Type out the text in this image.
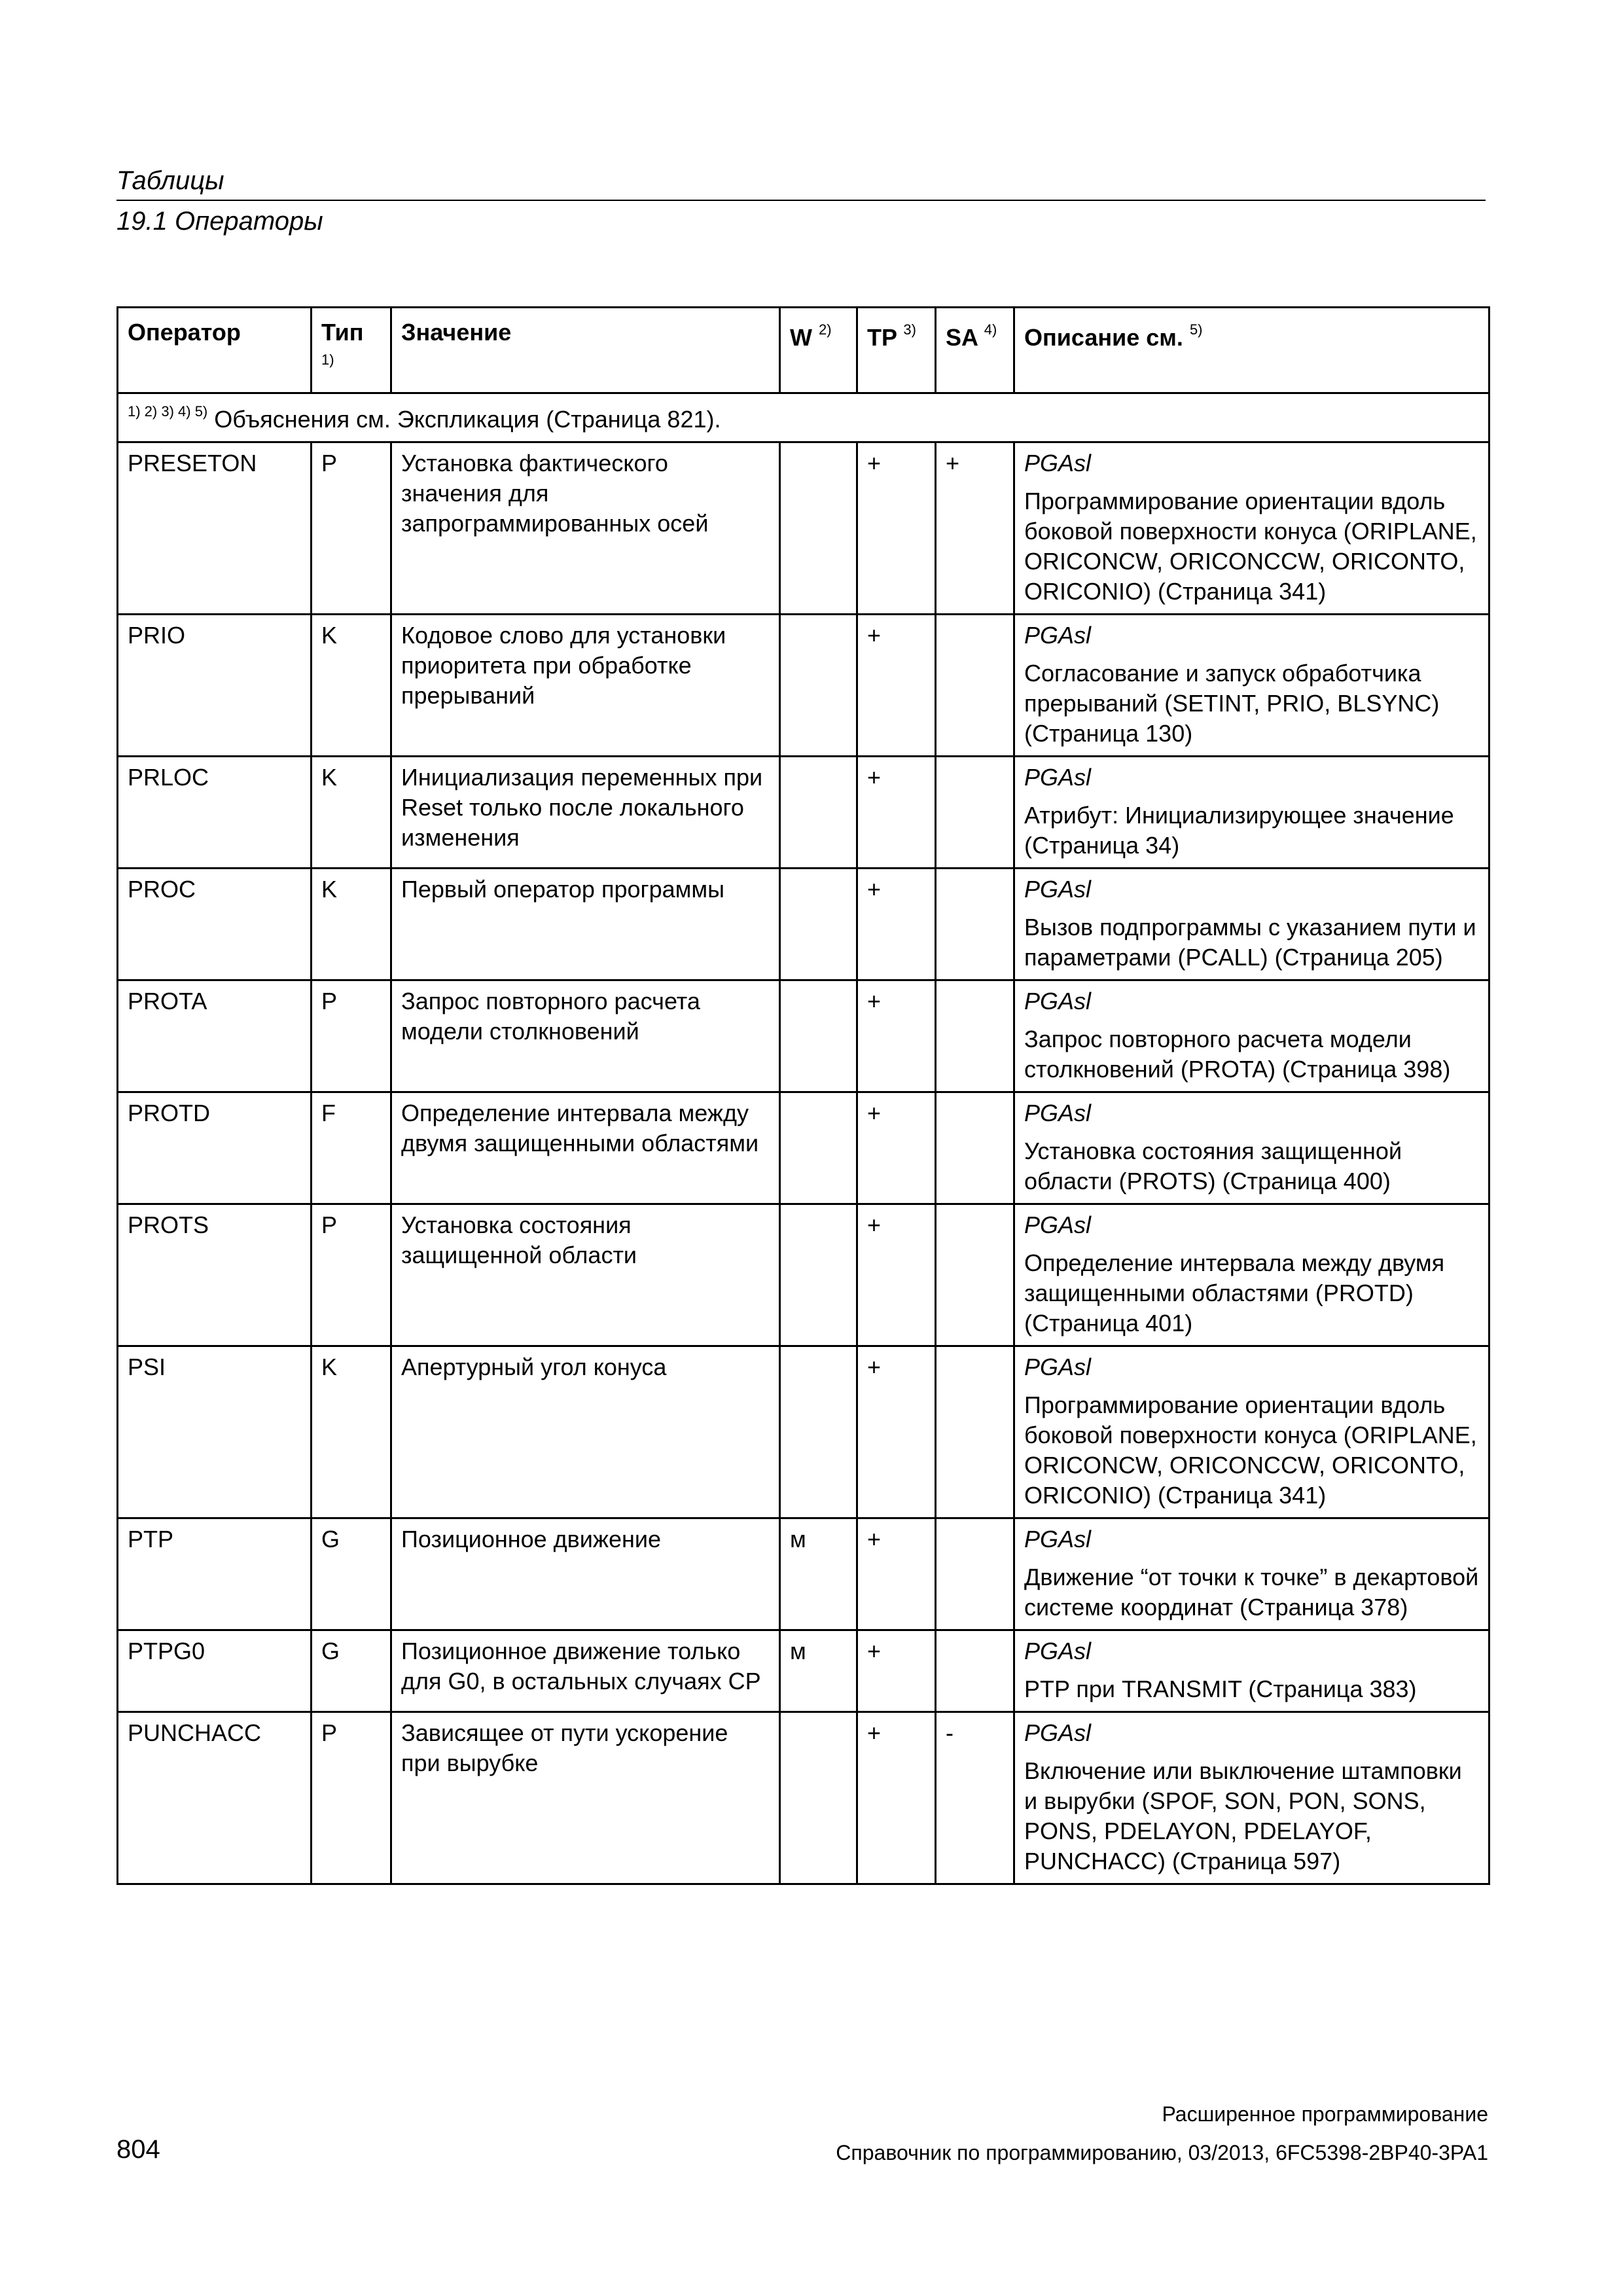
Таблицы
19.1 Операторы
Оператор	Тип $^{1)}$	Значение	W $^{2)}$	TP $^{3)}$	SA $^{4)}$	Описание см. $^{5)}$
$^{1) 2) 3) 4) 5)}$ Объяснения см. Экспликация (Страница 821).						
PRESETON	P	Установка фактического значения для запрограммированных осей		+	+	PGAsl
Программирование ориентации вдоль боковой поверхности конуса (ORIPLANE, ORICONCW, ORICONCCW, ORICONTO, ORICONIO) (Страница 341)

PRIO	K	Кодовое слово для установки приоритета при обработке прерываний		+		PGAsl
Согласование и запуск обработчика прерываний (SETINT, PRIO, BLSYNC) (Страница 130)

PRLOC	K	Инициализация переменных при Reset только после локального изменения		+		PGAsl
Атрибут: Инициализирующее значение (Страница 34)

PROC	K	Первый оператор программы		+		PGAsl
Вызов подпрограммы с указанием пути и параметрами (PCALL) (Страница 205)

PROTA	P	Запрос повторного расчета модели столкновений		+		PGAsl
Запрос повторного расчета модели столкновений (PROTA) (Страница 398)

PROTD	F	Определение интервала между двумя защищенными областями		+		PGAsl
Установка состояния защищенной области (PROTS) (Страница 400)

PROTS	P	Установка состояния защищенной области		+		PGAsl
Определение интервала между двумя защищенными областями (PROTD) (Страница 401)

PSI	K	Апертурный угол конуса		+		PGAsl
Программирование ориентации вдоль боковой поверхности конуса (ORIPLANE, ORICONCW, ORICONCCW, ORICONTO, ORICONIO) (Страница 341)

PTP	G	Позиционное движение	м	+		PGAsl
Движение “от точки к точке” в декартовой системе координат (Страница 378)

PTPG0	G	Позиционное движение только для G0, в остальных случаях CP	м	+		PGAsl
PTP при TRANSMIT (Страница 383)

PUNCHACC	P	Зависящее от пути ускорение при вырубке		+	-	PGAsl
Включение или выключение штамповки и вырубки (SPOF, SON, PON, SONS, PONS, PDELAYON, PDELAYOF, PUNCHACC) (Страница 597)
Расширенное программирование
804	Справочник по программированию, 03/2013, 6FC5398-2BP40-3PA1
